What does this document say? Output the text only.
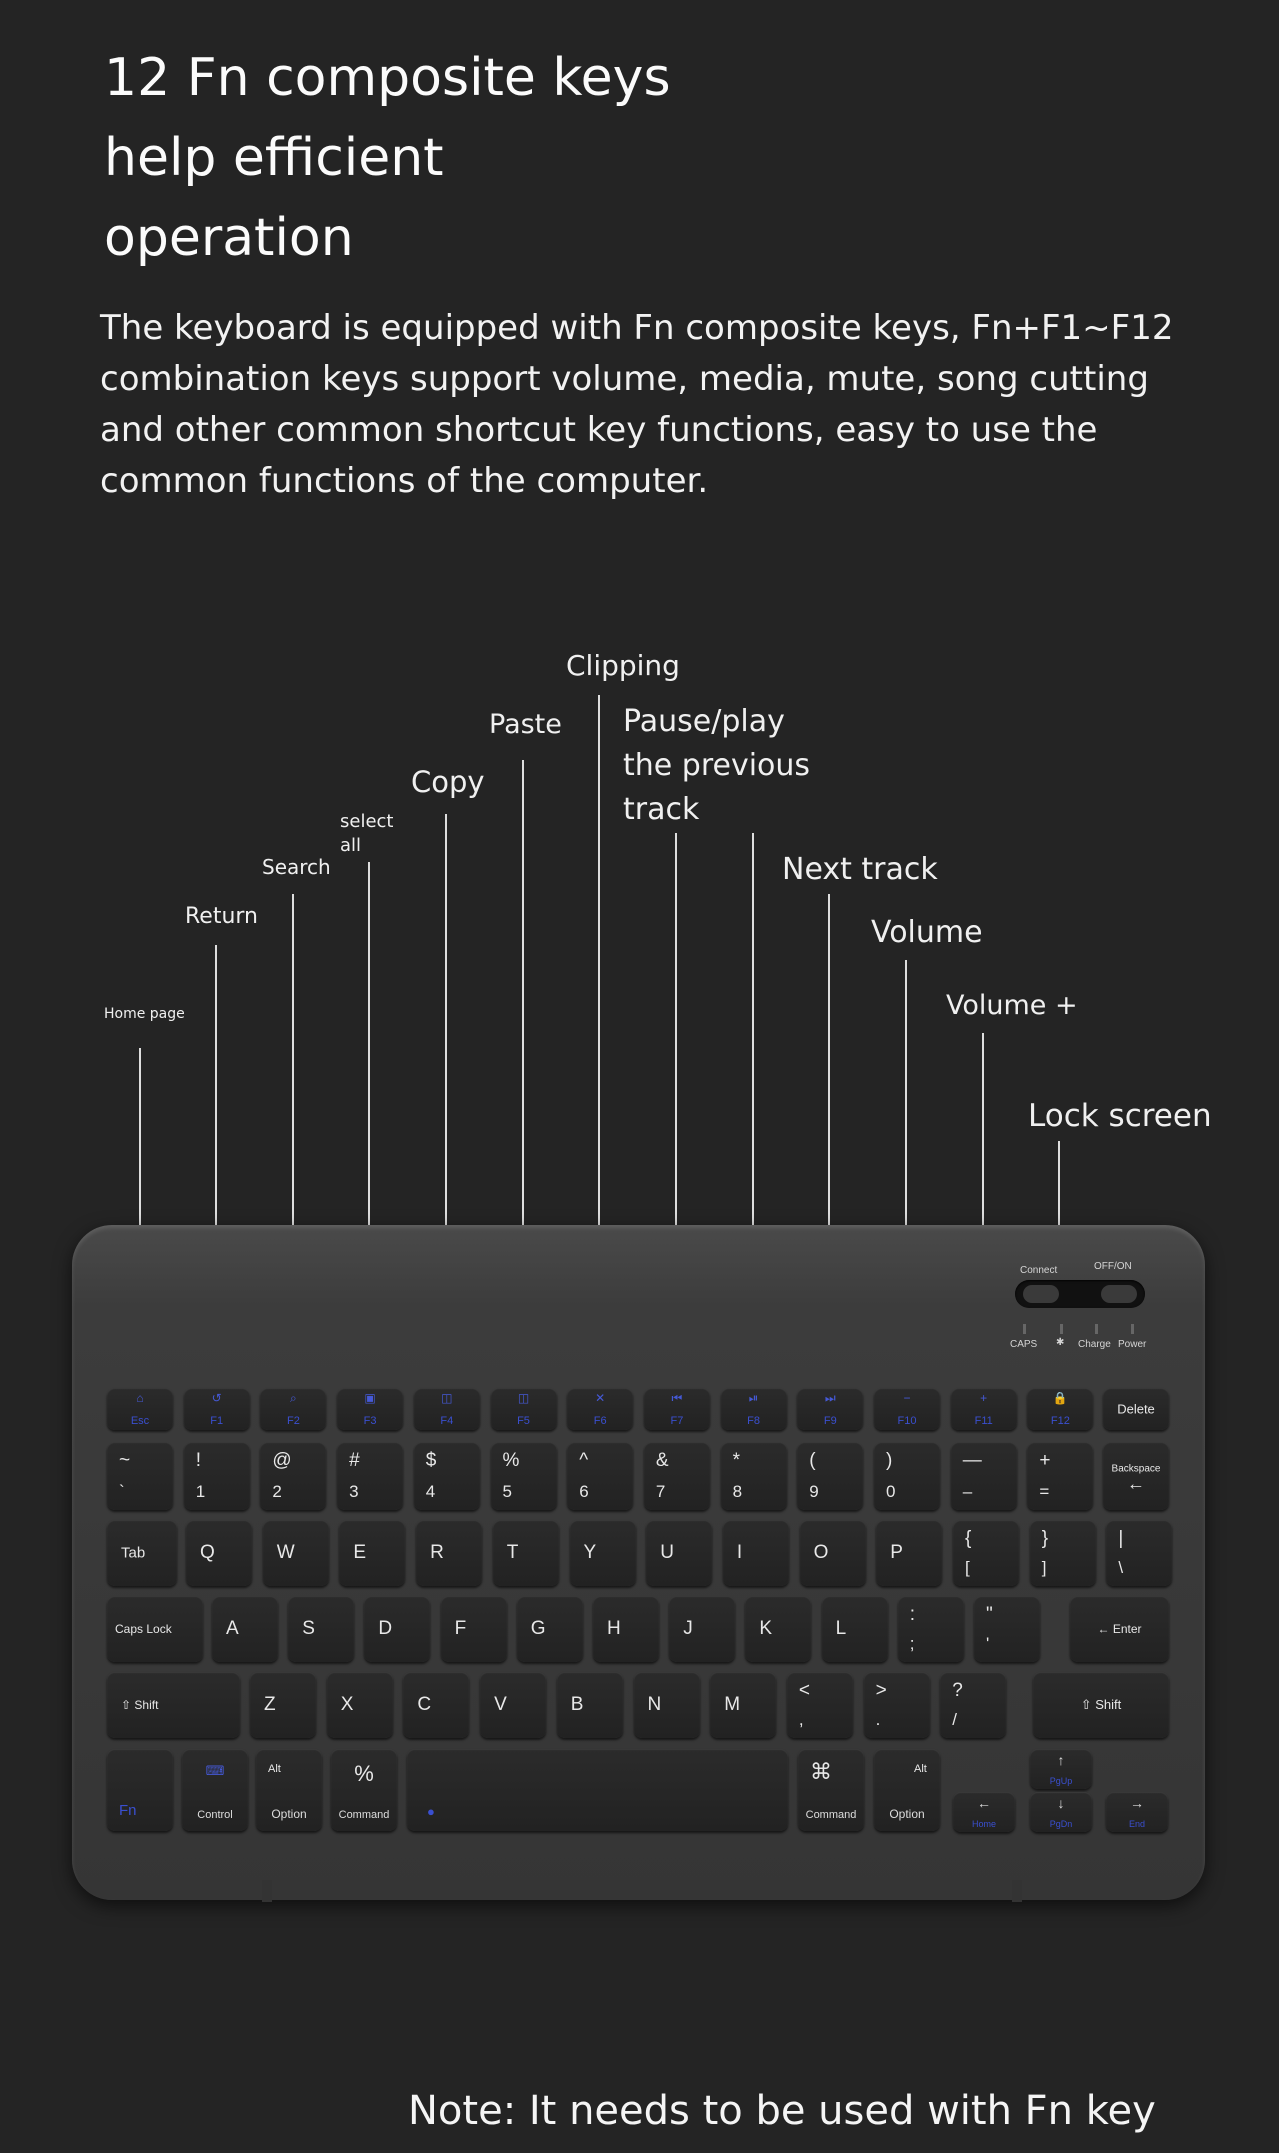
12 Fn composite keys
help efficient
operation

The keyboard is equipped with Fn composite keys, Fn+F1~F12
combination keys support volume, media, mute, song cutting
and other common shortcut key functions, easy to use the
common functions of the computer.

Home page
Return
Search
select
all
Copy
Paste
Clipping
Pause/play
the previous
track
Next track
Volume
Volume +
Lock screen
Connect	OFF/ON
CAPS ✱ Charge Power
⌂
Esc
↺
F1
⌕
F2
▣
F3
◫
F4
◫
F5
✕
F6
⏮
F7
⏯
F8
⏭
F9
−
F10
+
F11
🔒
F12
Delete
~
`
!
1
@
2
#
3
$
4
%
5
^
6
&
7
*
8
(
9
)
0
—
–
+
=
Backspace
←
Tab	Q	W	E	R	T	Y	U	I	O	P
{
[
}
]
|
\
Caps Lock	A	S	D	F	G	H	J	K	L
:
;
"
'
← Enter
⇧ Shift	Z	X	C	V	B	N	M
<
,
>
.
?
/
⇧ Shift
Fn
⌨
Control
Alt
Option
%
Command	●
⌘
Command
Alt
Option
↑
PgUp
←
Home
↓
PgDn
→
End
Note: It needs to be used with Fn key
